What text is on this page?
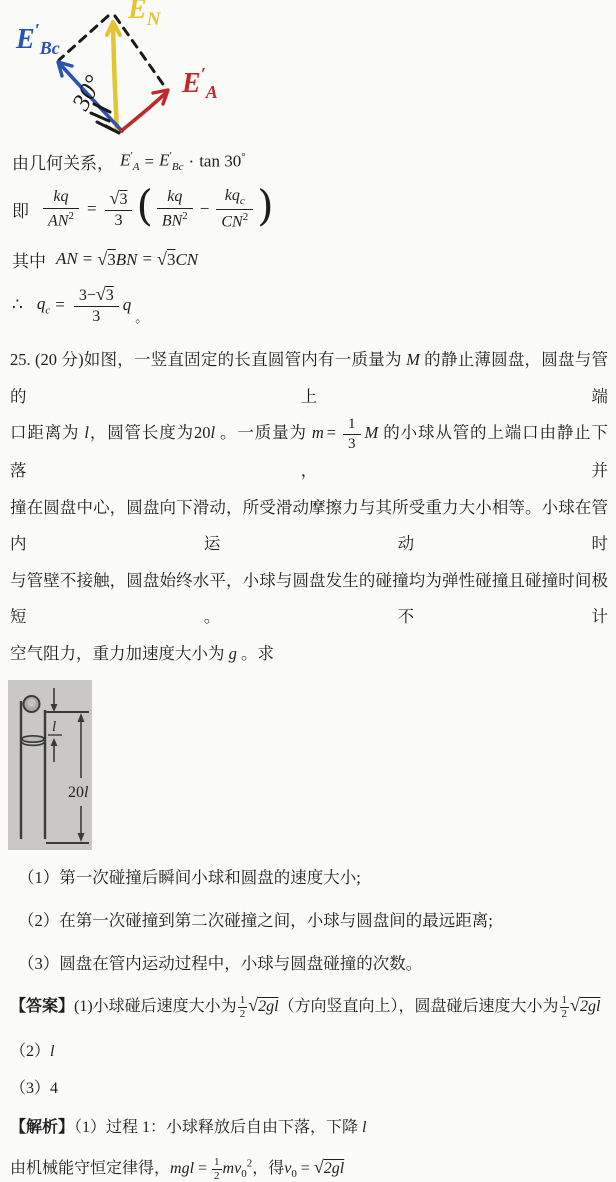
30°
$E'_{Bc}$
$E_N$
$E'_A$
由几何关系， $E'_A = E'_{Bc} \cdot \tan 30^\circ$
即 $\frac{kq}{AN^2} = \frac{√3}{3}$ ( $\frac{kq}{BN^2} - \frac{kq_c}{CN^2}$ )
其中 AN = √3BN = √3CN
∴ $q_c = \frac{3-√3}{3}$ q
。
25. (20 分)如图，一竖直固定的长直圆管内有一质量为 M 的静止薄圆盘，圆盘与管的上端
口距离为 l，圆管长度为20l 。一质量为 $m = \frac{1}{3}$ M 的小球从管的上端口由静止下落，并
撞在圆盘中心，圆盘向下滑动，所受滑动摩擦力与其所受重力大小相等。小球在管内运动时
与管壁不接触，圆盘始终水平，小球与圆盘发生的碰撞均为弹性碰撞且碰撞时间极短。不计
空气阻力，重力加速度大小为 g 。求
l
20l
（1）第一次碰撞后瞬间小球和圆盘的速度大小;
（2）在第一次碰撞到第二次碰撞之间，小球与圆盘间的最远距离;
（3）圆盘在管内运动过程中，小球与圆盘碰撞的次数。
【答案】(1)小球碰后速度大小为 $\frac{1}{2} √2gl$（方向竖直向上），圆盘碰后速度大小为 $\frac{1}{2} √2gl$
（2）l
（3）4
【解析】（1）过程 1：小球释放后自由下落，下降 l
由机械能守恒定律得，mgl = $\frac{1}{2} mv_0^2$，得$v_0 = √2gl$
